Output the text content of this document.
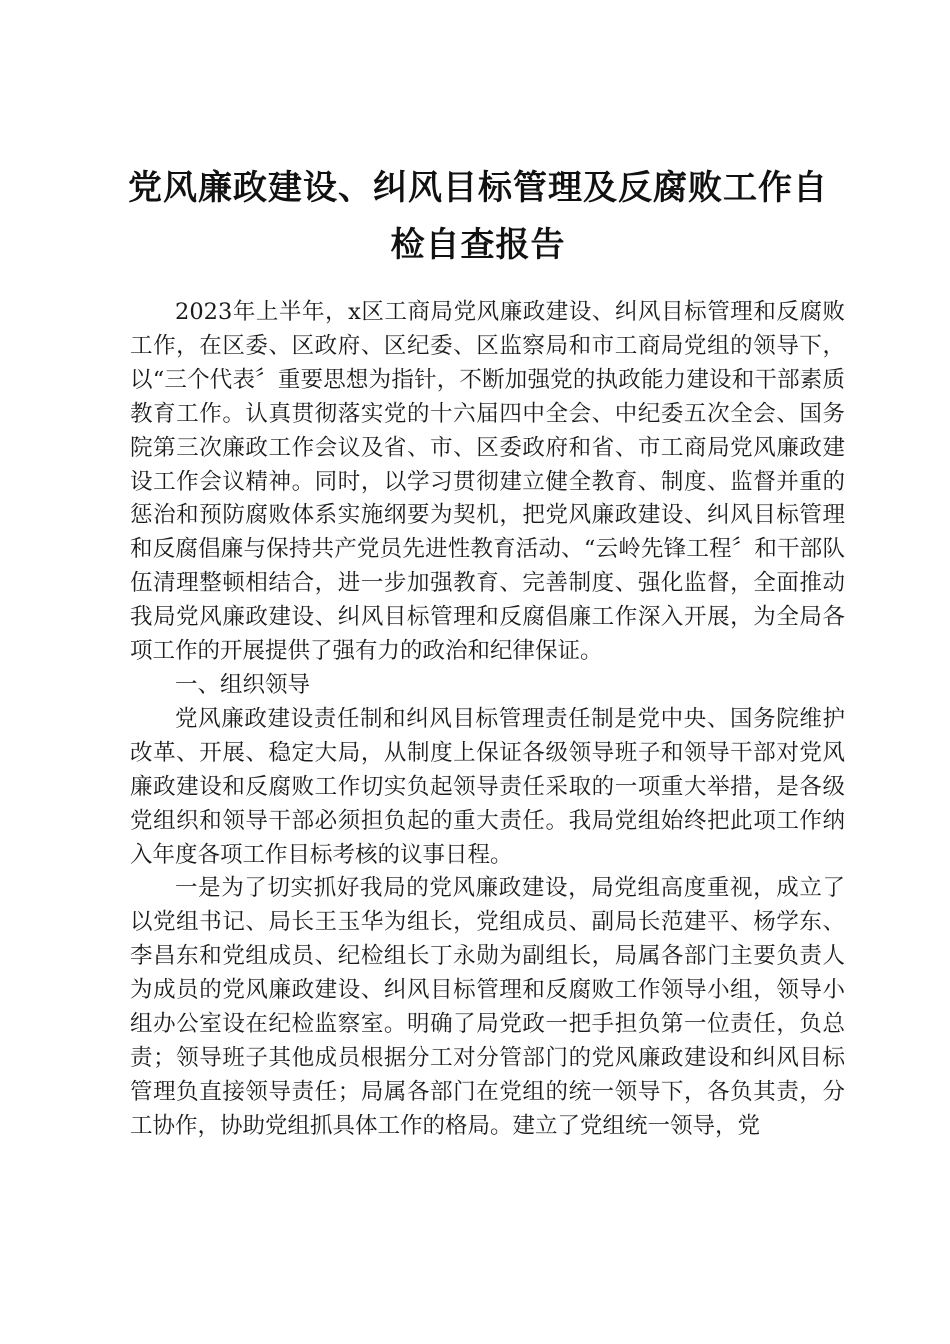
党风廉政建设、纠风目标管理及反腐败工作自
检自查报告

2023年上半年，x区工商局党风廉政建设、纠风目标管理和反腐败工作，在区委、区政府、区纪委、区监察局和市工商局党组的领导下，以“三个代表〞重要思想为指针，不断加强党的执政能力建设和干部素质教育工作。认真贯彻落实党的十六届四中全会、中纪委五次全会、国务院第三次廉政工作会议及省、市、区委政府和省、市工商局党风廉政建设工作会议精神。同时，以学习贯彻建立健全教育、制度、监督并重的惩治和预防腐败体系实施纲要为契机，把党风廉政建设、纠风目标管理和反腐倡廉与保持共产党员先进性教育活动、“云岭先锋工程〞和干部队伍清理整顿相结合，进一步加强教育、完善制度、强化监督，全面推动我局党风廉政建设、纠风目标管理和反腐倡廉工作深入开展，为全局各项工作的开展提供了强有力的政治和纪律保证。

一、组织领导

党风廉政建设责任制和纠风目标管理责任制是党中央、国务院维护改革、开展、稳定大局，从制度上保证各级领导班子和领导干部对党风廉政建设和反腐败工作切实负起领导责任采取的一项重大举措，是各级党组织和领导干部必须担负起的重大责任。我局党组始终把此项工作纳入年度各项工作目标考核的议事日程。

一是为了切实抓好我局的党风廉政建设，局党组高度重视，成立了以党组书记、局长王玉华为组长，党组成员、副局长范建平、杨学东、李昌东和党组成员、纪检组长丁永勋为副组长，局属各部门主要负责人为成员的党风廉政建设、纠风目标管理和反腐败工作领导小组，领导小组办公室设在纪检监察室。明确了局党政一把手担负第一位责任，负总责；领导班子其他成员根据分工对分管部门的党风廉政建设和纠风目标管理负直接领导责任；局属各部门在党组的统一领导下，各负其责，分工协作，协助党组抓具体工作的格局。建立了党组统一领导，党
